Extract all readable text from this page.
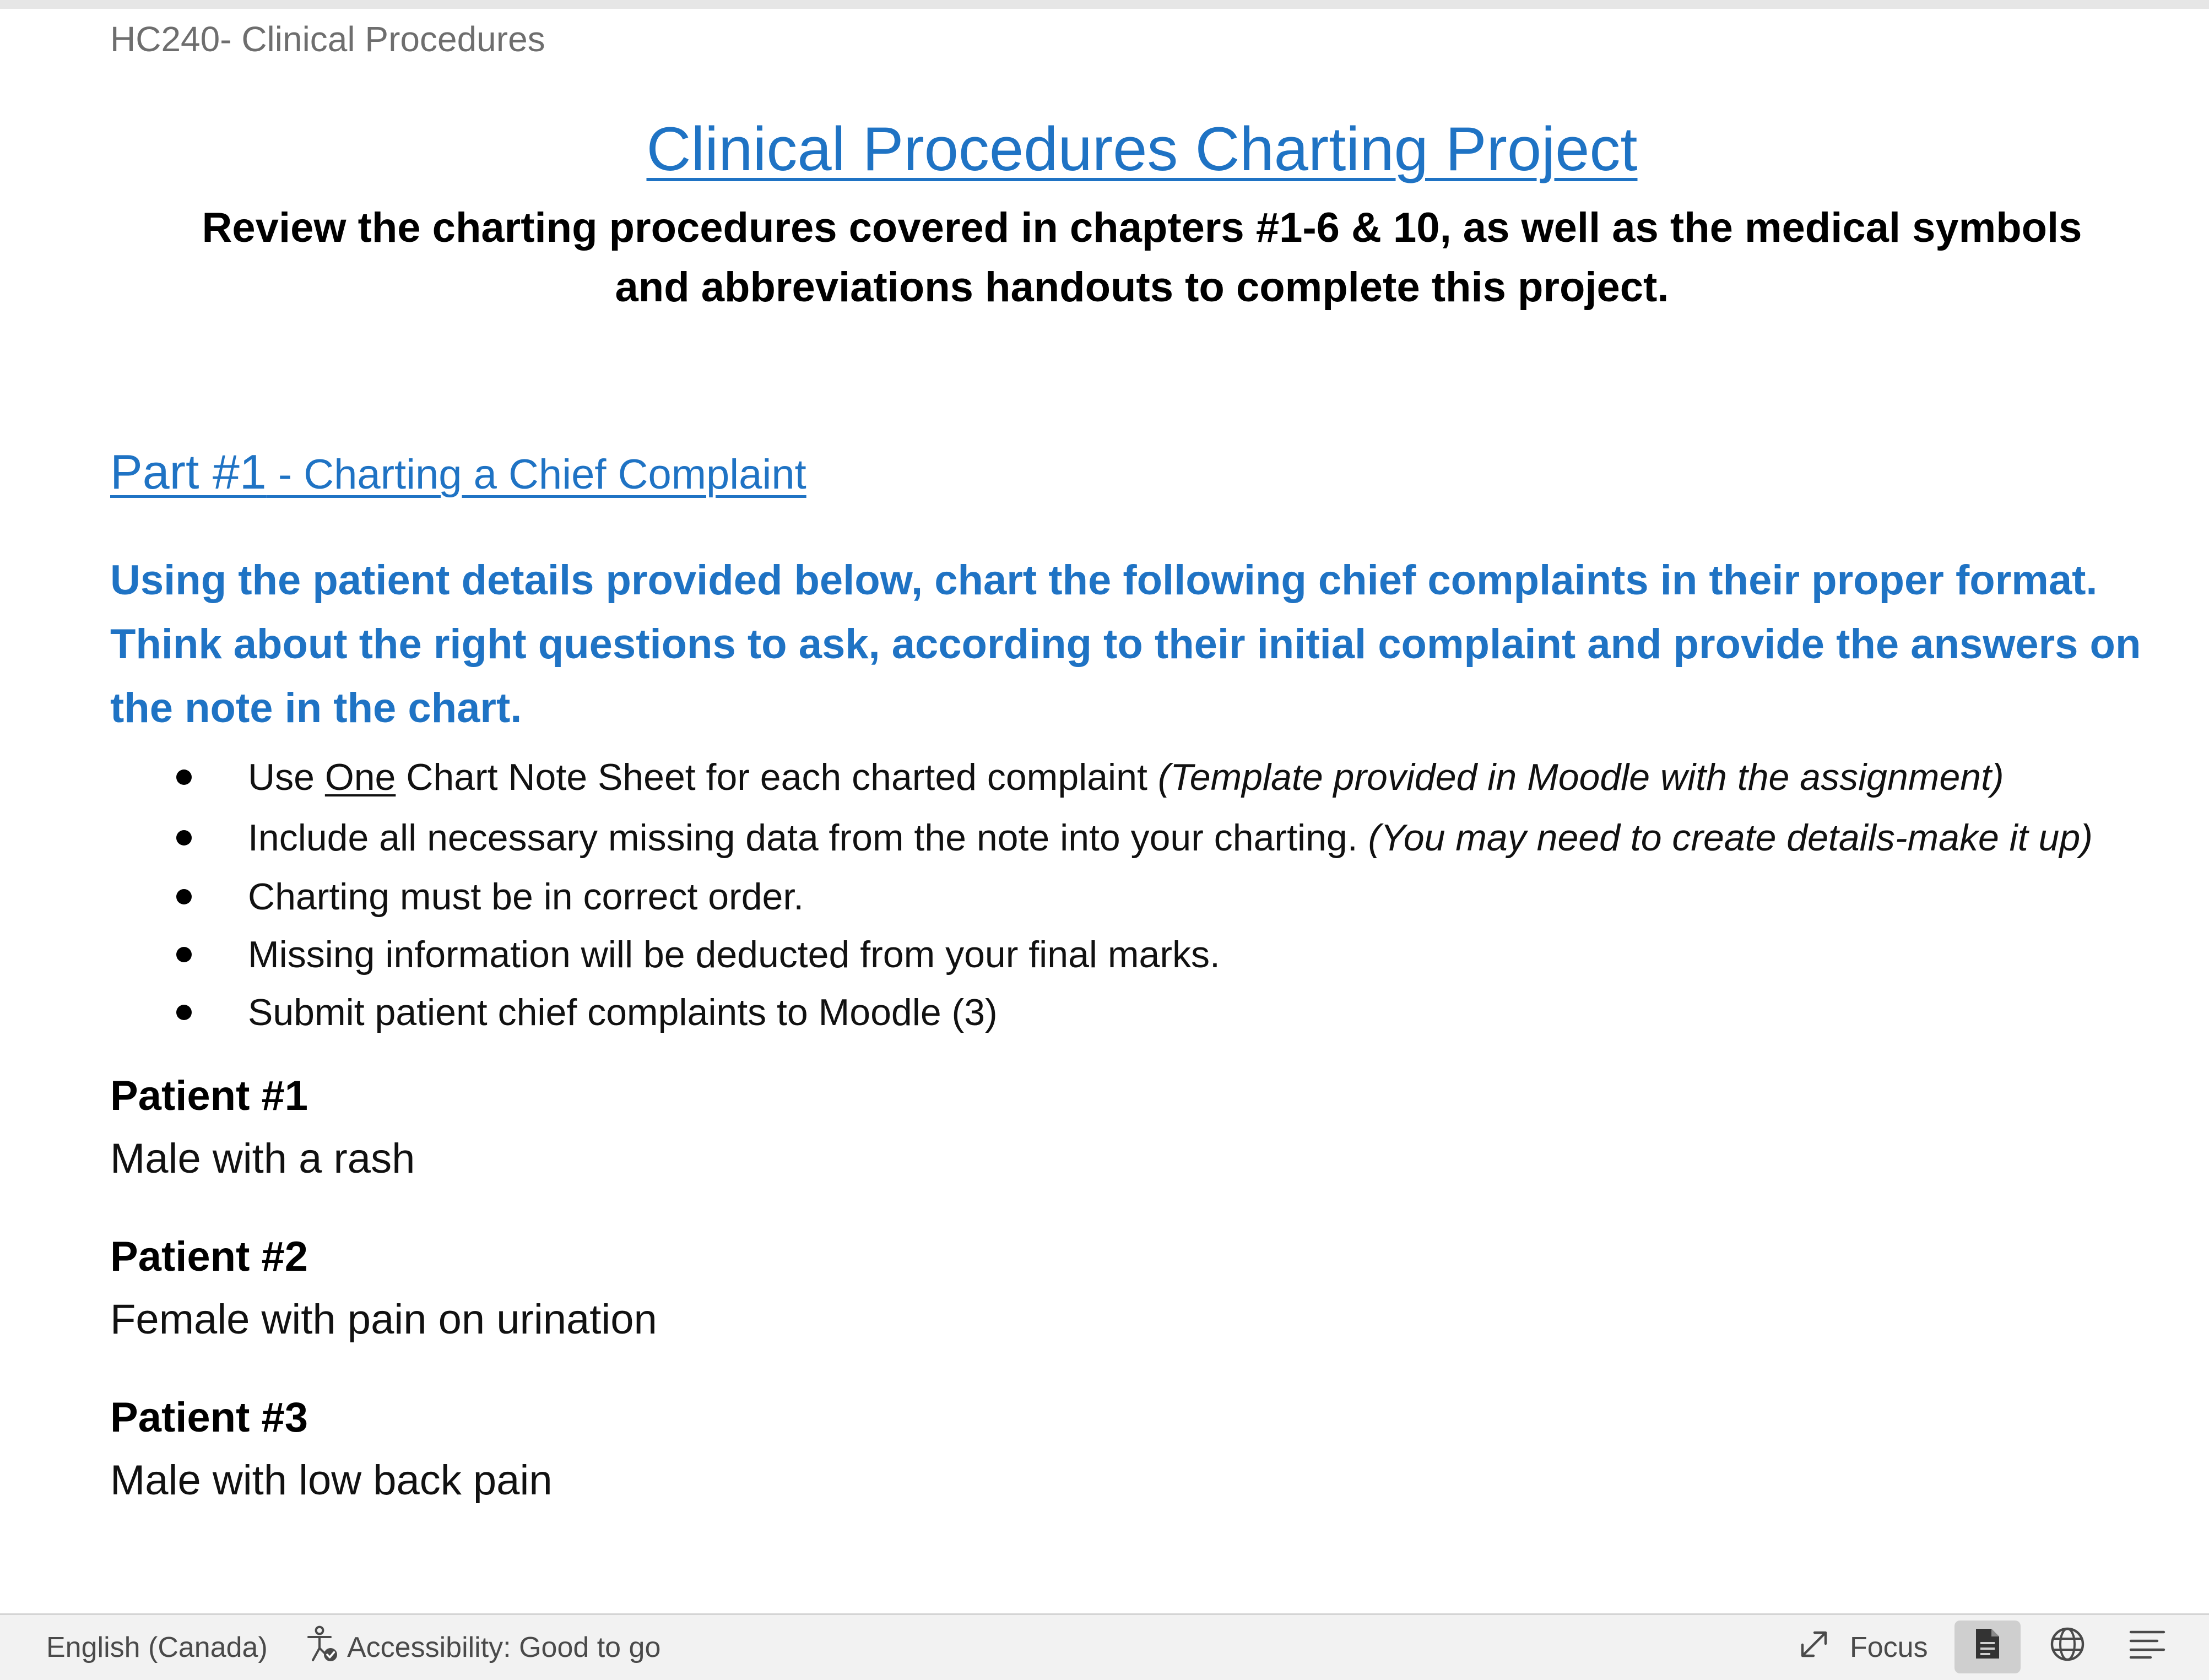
HC240- Clinical Procedures
Clinical Procedures Charting Project
Review the charting procedures covered in chapters #1-6 & 10, as well as the medical symbols and abbreviations handouts to complete this project.
Part #1 - Charting a Chief Complaint
Using the patient details provided below, chart the following chief complaints in their proper format. Think about the right questions to ask, according to their initial complaint and provide the answers on the note in the chart.
Use One Chart Note Sheet for each charted complaint (Template provided in Moodle with the assignment)
Include all necessary missing data from the note into your charting. (You may need to create details-make it up)
Charting must be in correct order.
Missing information will be deducted from your final marks.
Submit patient chief complaints to Moodle (3)
Patient #1
Male with a rash
Patient #2
Female with pain on urination
Patient #3
Male with low back pain
English (Canada)	Accessibility: Good to go	Focus
